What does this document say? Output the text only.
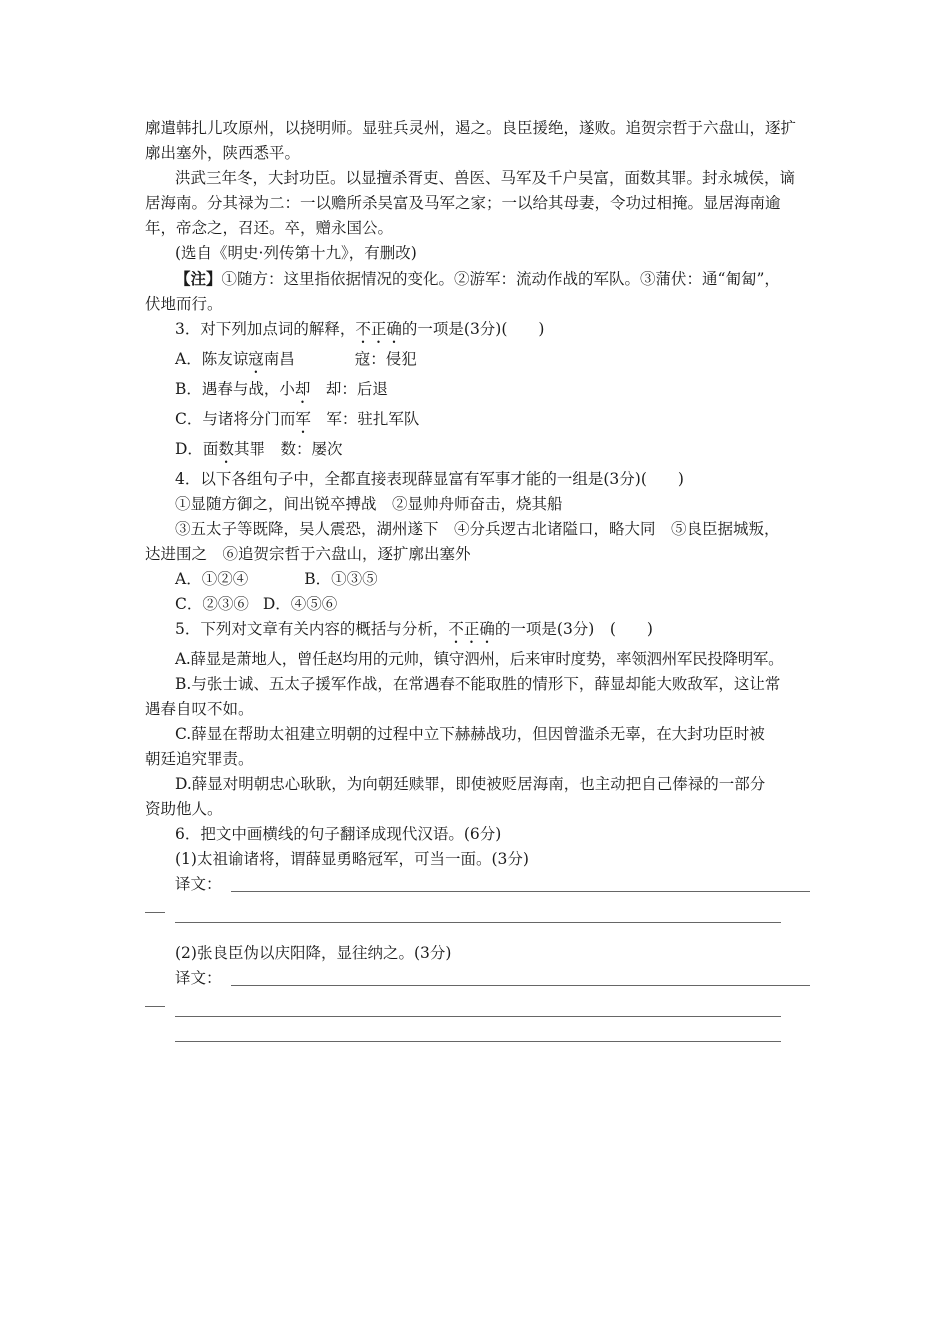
廓遣韩扎儿攻原州，以挠明师。显驻兵灵州，遏之。良臣援绝，遂败。追贺宗哲于六盘山，逐扩

廓出塞外，陕西悉平。

洪武三年冬，大封功臣。以显擅杀胥吏、兽医、马军及千户吴富，面数其罪。封永城侯，谪

居海南。分其禄为二：一以赡所杀吴富及马军之家；一以给其母妻，令功过相掩。显居海南逾

年，帝念之，召还。卒，赠永国公。

(选自《明史·列传第十九》，有删改)

【注】①随方：这里指依据情况的变化。②游军：流动作战的军队。③蒲伏：通“匍匐”，

伏地而行。

3．对下列加点词的解释，不正确的一项是(3分)(　　)

A．陈友谅寇南昌	寇：侵犯

B．遇春与战，小却　却：后退

C．与诸将分门而军　军：驻扎军队

D．面数其罪　数：屡次

4．以下各组句子中，全都直接表现薛显富有军事才能的一组是(3分)(　　)

①显随方御之，间出锐卒搏战　②显帅舟师奋击，烧其船

③五太子等既降，吴人震恐，湖州遂下　④分兵逻古北诸隘口，略大同　⑤良臣据城叛，

达进围之　⑥追贺宗哲于六盘山，逐扩廓出塞外

A．①②④	B．①③⑤

C．②③⑥ D．④⑤⑥

5．下列对文章有关内容的概括与分析，不正确的一项是(3分)　(　　)

A.薛显是萧地人，曾任赵均用的元帅，镇守泗州，后来审时度势，率领泗州军民投降明军。

B.与张士诚、五太子援军作战，在常遇春不能取胜的情形下，薛显却能大败敌军，这让常

遇春自叹不如。

C.薛显在帮助太祖建立明朝的过程中立下赫赫战功，但因曾滥杀无辜，在大封功臣时被

朝廷追究罪责。

D.薛显对明朝忠心耿耿，为向朝廷赎罪，即使被贬居海南，也主动把自己俸禄的一部分

资助他人。

6．把文中画横线的句子翻译成现代汉语。(6分)

(1)太祖谕诸将，谓薛显勇略冠军，可当一面。(3分)

译文：

(2)张良臣伪以庆阳降，显往纳之。(3分)

译文：
